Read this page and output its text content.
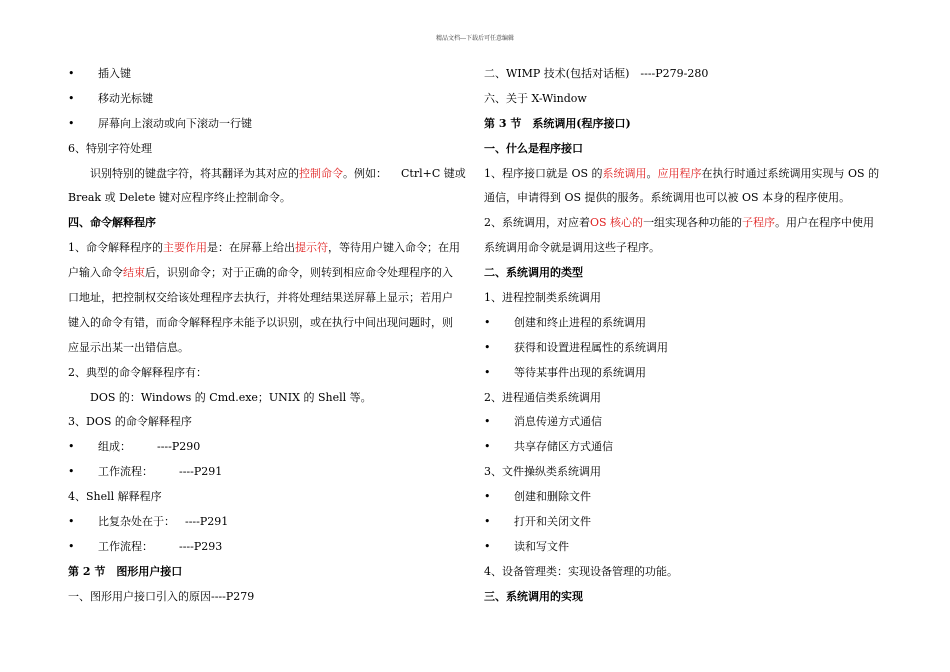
精品文档---下载后可任意编辑
• 插入键
• 移动光标键
• 屏幕向上滚动或向下滚动一行键
6、特别字符处理
识别特别的键盘字符，将其翻译为其对应的控制命令。例如： Ctrl+C 键或
Break 或 Delete 键对应程序终止控制命令。
四、命令解释程序
1、命令解释程序的主要作用是：在屏幕上给出提示符，等待用户键入命令；在用
户输入命令结束后，识别命令；对于正确的命令，则转到相应命令处理程序的入
口地址，把控制权交给该处理程序去执行，并将处理结果送屏幕上显示；若用户
键入的命令有错，而命令解释程序未能予以识别，或在执行中间出现问题时，则
应显示出某一出错信息。
2、典型的命令解释程序有：
DOS 的：Windows 的 Cmd.exe；UNIX 的 Shell 等。
3、DOS 的命令解释程序
• 组成： ----P290
• 工作流程： ----P291
4、Shell 解释程序
• 比复杂处在于： ----P291
• 工作流程： ----P293
第 2 节　图形用户接口
一、图形用户接口引入的原因----P279
二、WIMP 技术(包括对话框)　----P279-280
六、关于 X-Window
第 3 节　系统调用(程序接口)
一、什么是程序接口
1、程序接口就是 OS 的系统调用。应用程序在执行时通过系统调用实现与 OS 的
通信，申请得到 OS 提供的服务。系统调用也可以被 OS 本身的程序使用。
2、系统调用，对应着OS 核心的一组实现各种功能的子程序。用户在程序中使用
系统调用命令就是调用这些子程序。
二、系统调用的类型
1、进程控制类系统调用
• 创建和终止进程的系统调用
• 获得和设置进程属性的系统调用
• 等待某事件出现的系统调用
2、进程通信类系统调用
• 消息传递方式通信
• 共享存储区方式通信
3、文件操纵类系统调用
• 创建和删除文件
• 打开和关闭文件
• 读和写文件
4、设备管理类：实现设备管理的功能。
三、系统调用的实现
